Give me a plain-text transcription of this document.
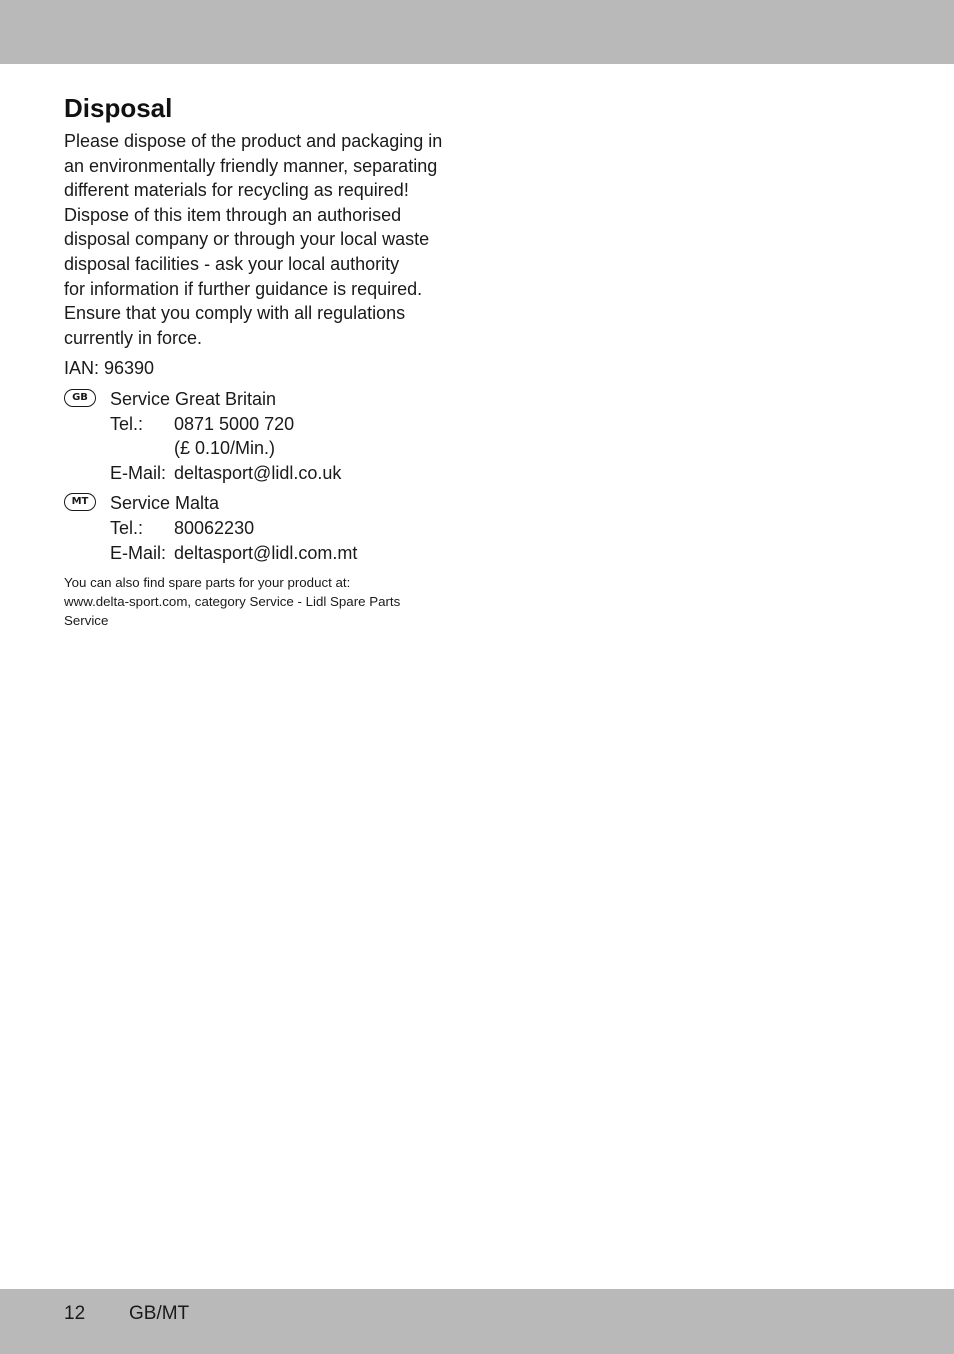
Disposal

Please dispose of the product and packaging in
an environmentally friendly manner, separating
different materials for recycling as required!
Dispose of this item through an authorised
disposal company or through your local waste
disposal facilities - ask your local authority
for information if further guidance is required.
Ensure that you comply with all regulations
currently in force.

IAN: 96390

GB	Service Great Britain
Tel.:	0871 5000 720
(£ 0.10/Min.)
E-Mail: deltasport@lidl.co.uk
MT	Service Malta
Tel.:	80062230
E-Mail: deltasport@lidl.com.mt

You can also find spare parts for your product at:
www.delta-sport.com, category Service - Lidl Spare Parts
Service

12 GB/MT
